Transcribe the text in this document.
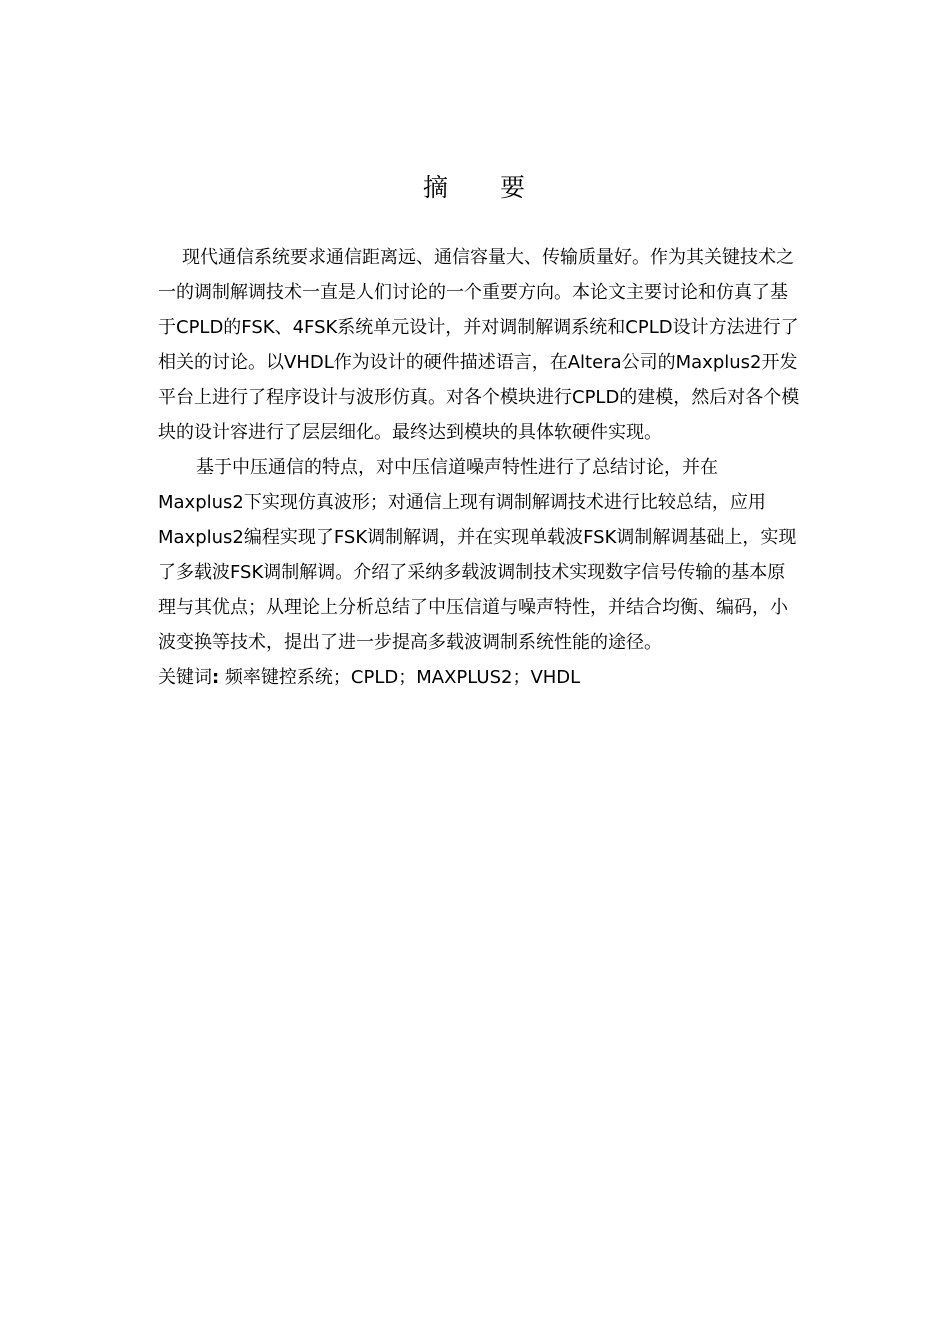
摘 要

现代通信系统要求通信距离远、通信容量大、传输质量好。作为其关键技术之
一的调制解调技术一直是人们讨论的一个重要方向。本论文主要讨论和仿真了基
于CPLD的FSK、4FSK系统单元设计，并对调制解调系统和CPLD设计方法进行了
相关的讨论。以VHDL作为设计的硬件描述语言，在Altera公司的Maxplus2开发
平台上进行了程序设计与波形仿真。对各个模块进行CPLD的建模，然后对各个模
块的设计容进行了层层细化。最终达到模块的具体软硬件实现。

基于中压通信的特点，对中压信道噪声特性进行了总结讨论，并在
Maxplus2下实现仿真波形；对通信上现有调制解调技术进行比较总结，应用
Maxplus2编程实现了FSK调制解调，并在实现单载波FSK调制解调基础上，实现
了多载波FSK调制解调。介绍了采纳多载波调制技术实现数字信号传输的基本原
理与其优点；从理论上分析总结了中压信道与噪声特性，并结合均衡、编码，小
波变换等技术，提出了进一步提高多载波调制系统性能的途径。

关键词: 频率键控系统；CPLD；MAXPLUS2；VHDL
